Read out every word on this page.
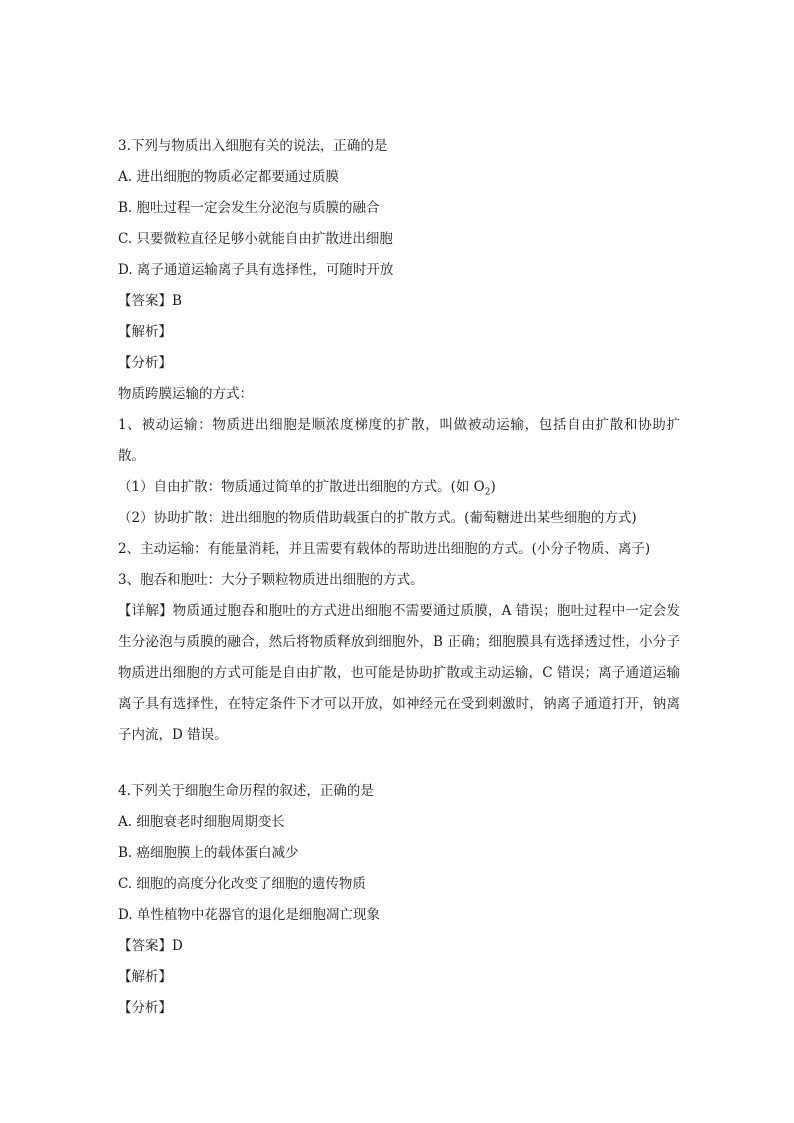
3.下列与物质出入细胞有关的说法，正确的是
A. 进出细胞的物质必定都要通过质膜
B. 胞吐过程一定会发生分泌泡与质膜的融合
C. 只要微粒直径足够小就能自由扩散进出细胞
D. 离子通道运输离子具有选择性，可随时开放
【答案】B
【解析】
【分析】
物质跨膜运输的方式：
1、被动运输：物质进出细胞是顺浓度梯度的扩散，叫做被动运输，包括自由扩散和协助扩散。
（1）自由扩散：物质通过简单的扩散进出细胞的方式。(如 $O_2$)
（2）协助扩散：进出细胞的物质借助载蛋白的扩散方式。(葡萄糖进出某些细胞的方式)
2、主动运输：有能量消耗，并且需要有载体的帮助进出细胞的方式。(小分子物质、离子)
3、胞吞和胞吐：大分子颗粒物质进出细胞的方式。
【详解】物质通过胞吞和胞吐的方式进出细胞不需要通过质膜，A 错误；胞吐过程中一定会发生分泌泡与质膜的融合，然后将物质释放到细胞外，B 正确；细胞膜具有选择透过性，小分子物质进出细胞的方式可能是自由扩散，也可能是协助扩散或主动运输，C 错误；离子通道运输离子具有选择性，在特定条件下才可以开放，如神经元在受到刺激时，钠离子通道打开，钠离子内流，D 错误。
4.下列关于细胞生命历程的叙述，正确的是
A. 细胞衰老时细胞周期变长
B. 癌细胞膜上的载体蛋白减少
C. 细胞的高度分化改变了细胞的遗传物质
D. 单性植物中花器官的退化是细胞凋亡现象
【答案】D
【解析】
【分析】
